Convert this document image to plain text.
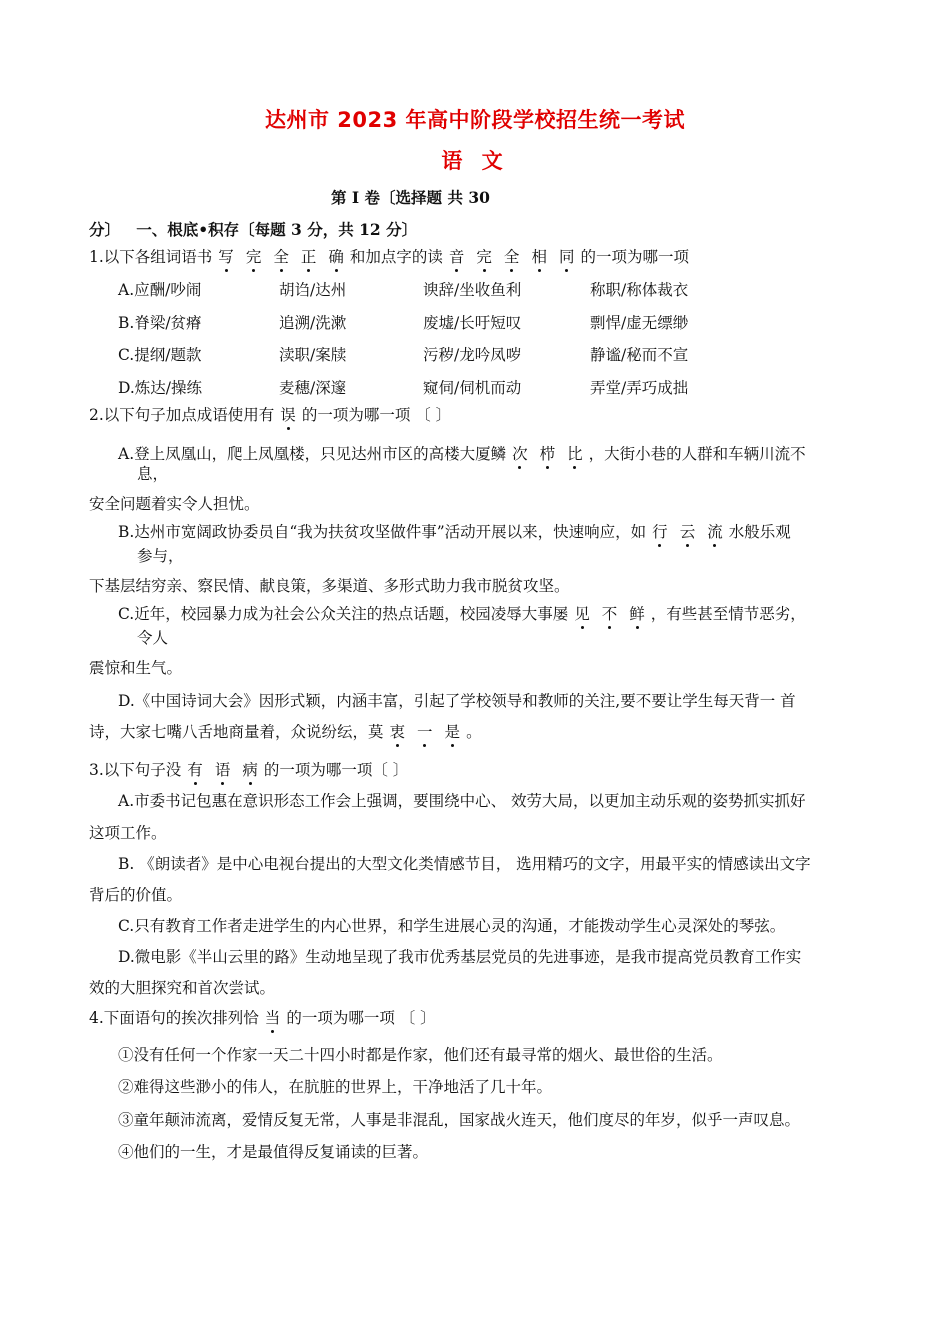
达州市 2023 年高中阶段学校招生统一考试
语 文
第 I 卷〔选择题 共 30
分〕 一、根底•积存〔每题 3 分，共 12 分〕
1.以下各组词语书 写 完 全 正 确 和加点字的读 音 完 全 相 同 的一项为哪一项
A.应酬/吵闹	胡诌/达州	谀辞/坐收鱼利	称职/称体裁衣
B.脊梁/贫瘠	追溯/洗漱	废墟/长吁短叹	剽悍/虚无缥缈
C.提纲/题款	渎职/案牍	污秽/龙吟凤哕	静谧/秘而不宣
D.炼达/操练	麦穗/深邃	窥伺/伺机而动	弄堂/弄巧成拙
2.以下句子加点成语使用有 误 的一项为哪一项 〔 〕
A.登上凤凰山，爬上凤凰楼，只见达州市区的高楼大厦鳞 次 栉 比 ，大街小巷的人群和车辆川流不
息，
安全问题着实令人担忧。
B.达州市宽阔政协委员自“我为扶贫攻坚做件事”活动开展以来，快速响应，如 行 云 流 水般乐观
参与，
下基层结穷亲、察民情、献良策，多渠道、多形式助力我市脱贫攻坚。
C.近年，校园暴力成为社会公众关注的热点话题，校园凌辱大事屡 见 不 鲜 ，有些甚至情节恶劣，
令人
震惊和生气。
D.《中国诗词大会》因形式颖，内涵丰富，引起了学校领导和教师的关注,要不要让学生每天背一 首
诗，大家七嘴八舌地商量着，众说纷纭，莫 衷 一 是 。
3.以下句子没 有 语 病 的一项为哪一项〔 〕
A.市委书记包惠在意识形态工作会上强调，要围绕中心、 效劳大局，以更加主动乐观的姿势抓实抓好
这项工作。
B. 《朗读者》是中心电视台提出的大型文化类情感节目， 选用精巧的文字，用最平实的情感读出文字
背后的价值。
C.只有教育工作者走进学生的内心世界，和学生进展心灵的沟通，才能拨动学生心灵深处的琴弦。
D.微电影《半山云里的路》生动地呈现了我市优秀基层党员的先进事迹，是我市提高党员教育工作实
效的大胆探究和首次尝试。
4.下面语句的挨次排列恰 当 的一项为哪一项 〔 〕
①没有任何一个作家一天二十四小时都是作家，他们还有最寻常的烟火、最世俗的生活。
②难得这些渺小的伟人，在肮脏的世界上，干净地活了几十年。
③童年颠沛流离，爱情反复无常，人事是非混乱，国家战火连天，他们度尽的年岁，似乎一声叹息。
④他们的一生，才是最值得反复诵读的巨著。
